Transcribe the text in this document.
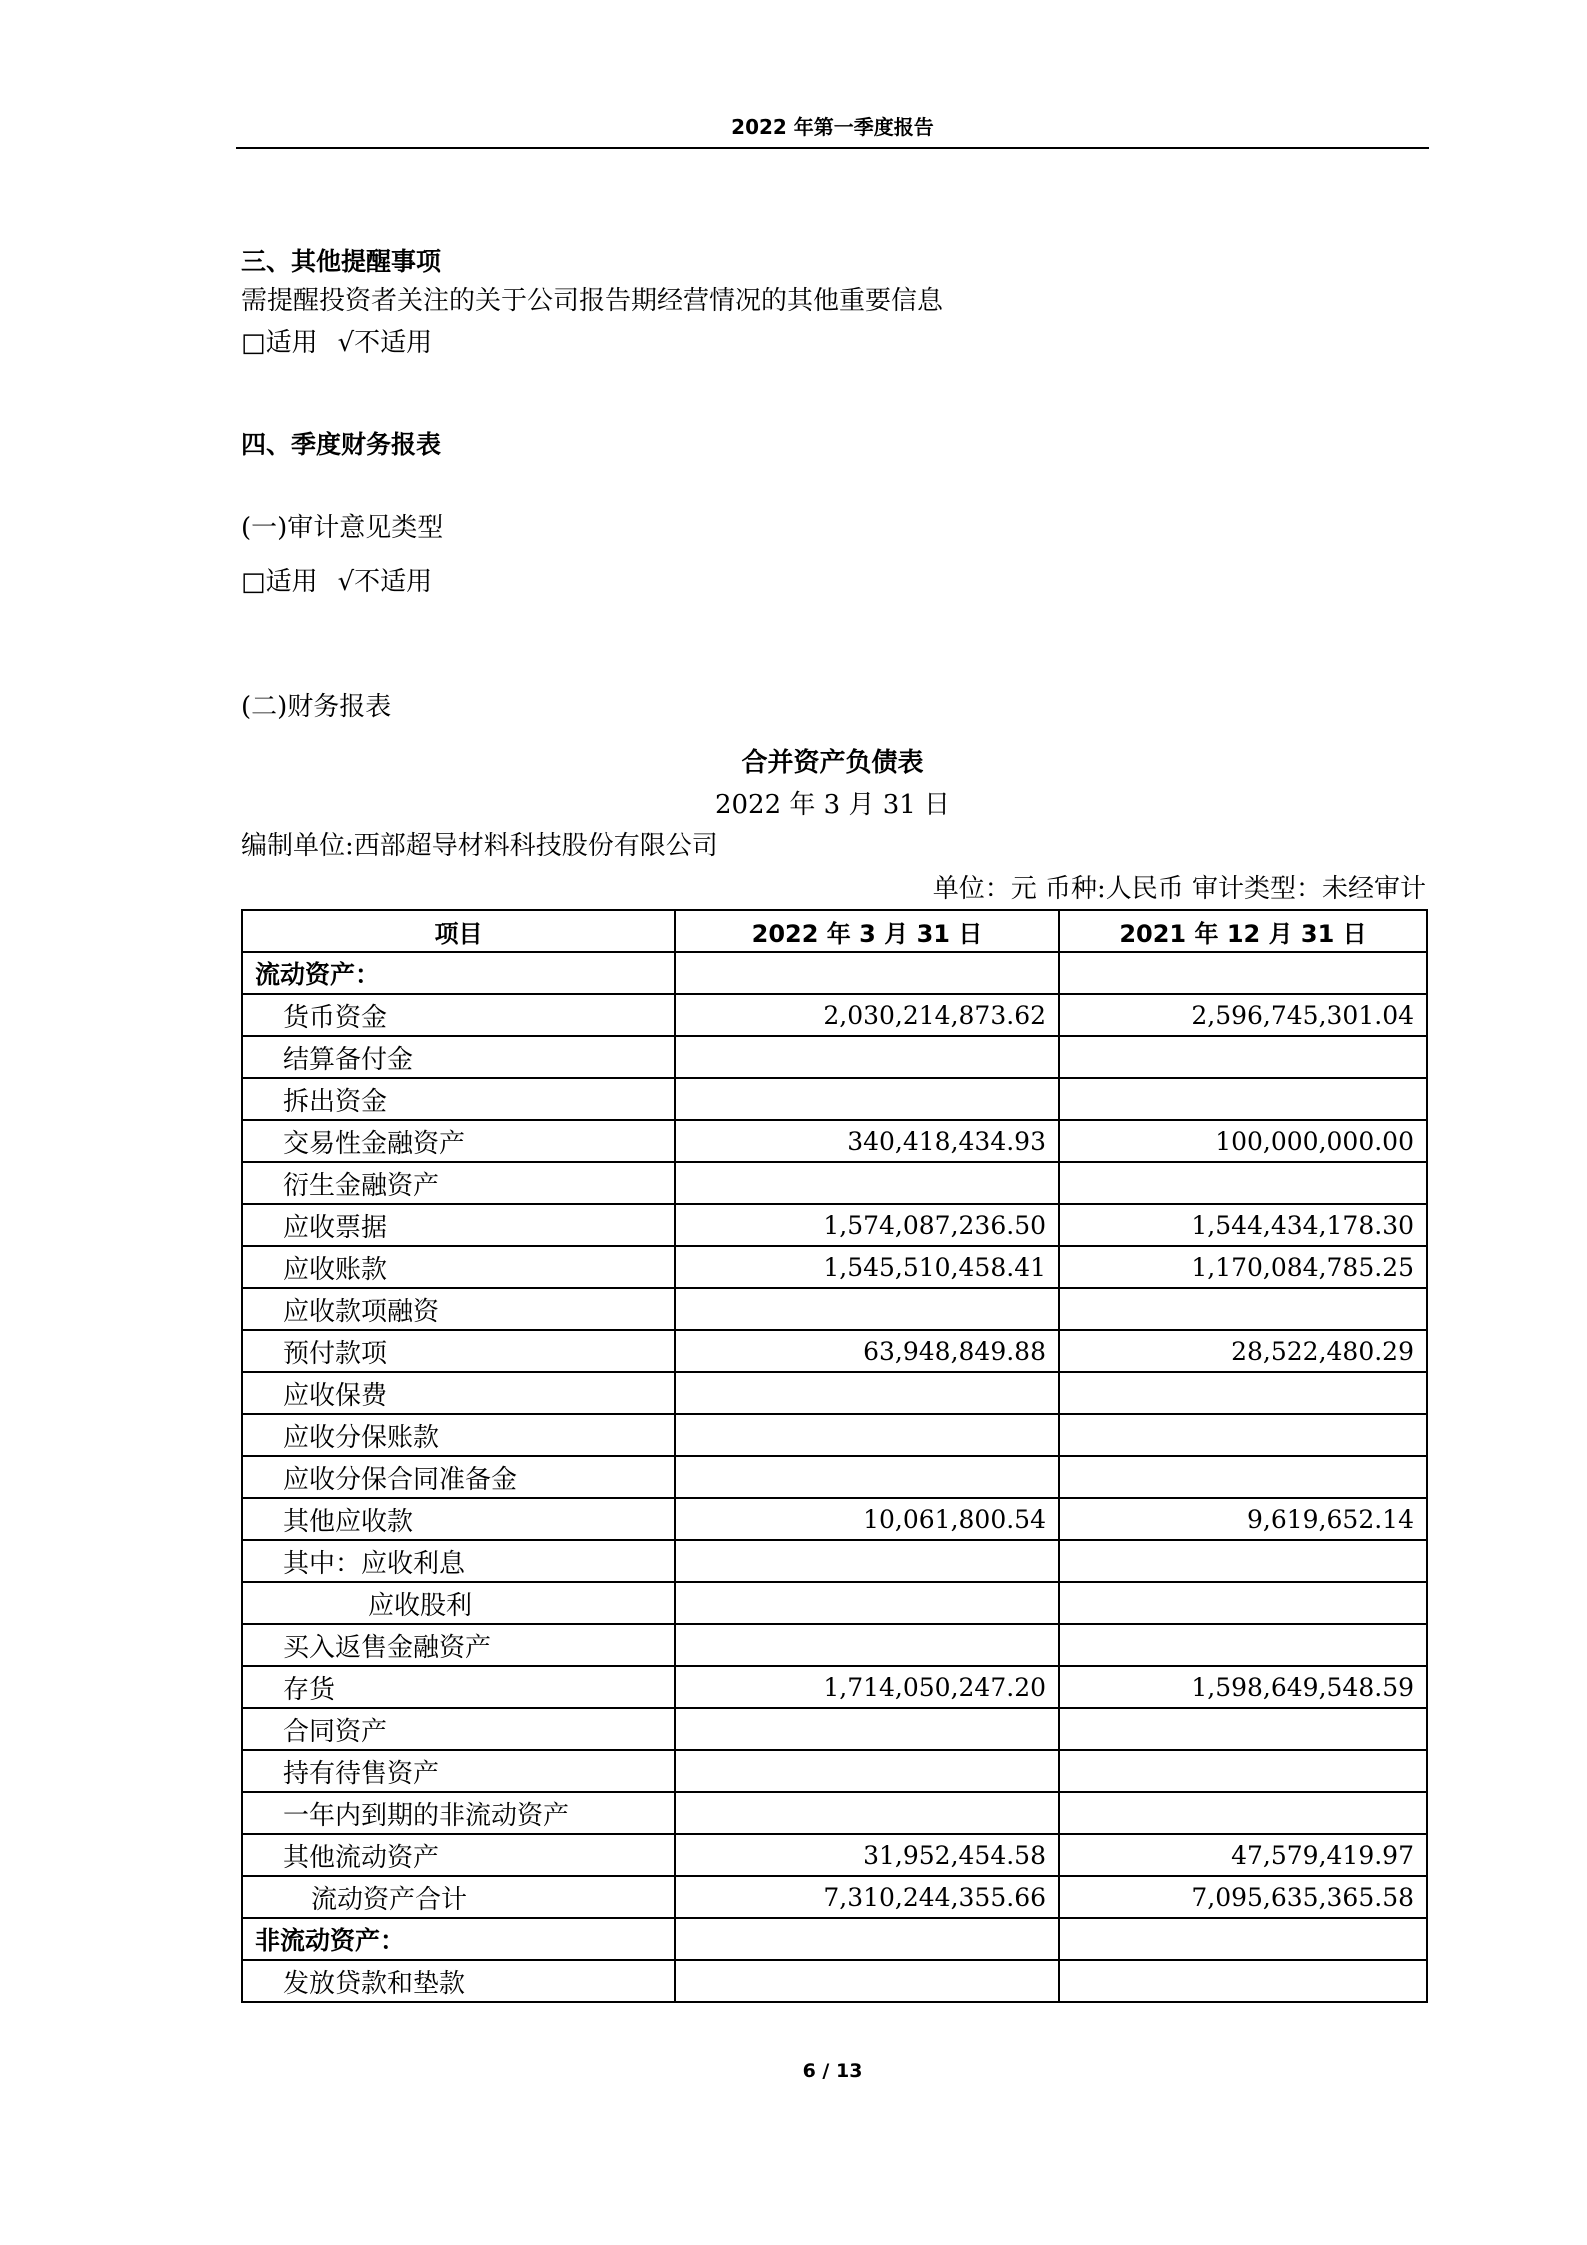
2022 年第一季度报告
三、其他提醒事项
需提醒投资者关注的关于公司报告期经营情况的其他重要信息
□适用 √不适用
四、季度财务报表
(一)审计意见类型
□适用 √不适用
(二)财务报表
合并资产负债表
2022 年 3 月 31 日
编制单位:西部超导材料科技股份有限公司
单位：元 币种:人民币 审计类型：未经审计
项目	2022 年 3 月 31 日	2021 年 12 月 31 日
流动资产：		
货币资金	2,030,214,873.62	2,596,745,301.04
结算备付金		
拆出资金		
交易性金融资产	340,418,434.93	100,000,000.00
衍生金融资产		
应收票据	1,574,087,236.50	1,544,434,178.30
应收账款	1,545,510,458.41	1,170,084,785.25
应收款项融资		
预付款项	63,948,849.88	28,522,480.29
应收保费		
应收分保账款		
应收分保合同准备金		
其他应收款	10,061,800.54	9,619,652.14
其中：应收利息		
应收股利		
买入返售金融资产		
存货	1,714,050,247.20	1,598,649,548.59
合同资产		
持有待售资产		
一年内到期的非流动资产		
其他流动资产	31,952,454.58	47,579,419.97
流动资产合计	7,310,244,355.66	7,095,635,365.58
非流动资产：		
发放贷款和垫款		
6 / 13
